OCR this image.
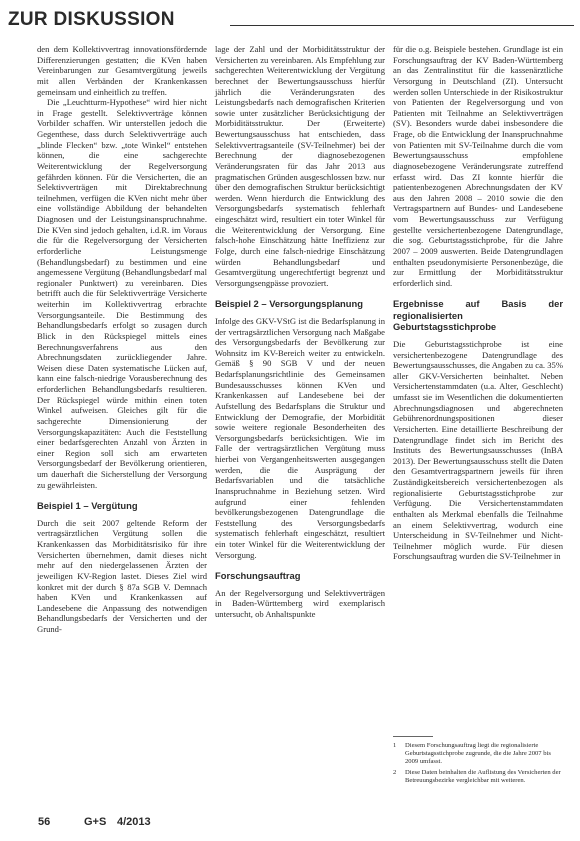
ZUR DISKUSSION

den dem Kollektivvertrag innovationsfördernde Differenzierungen gestatten; die KVen haben Vereinbarungen zur Gesamtvergütung jeweils mit allen Verbänden der Krankenkassen gemeinsam und einheitlich zu treffen.

Die „Leuchtturm-Hypothese“ wird hier nicht in Frage gestellt. Selektivverträge können Vorbilder schaffen. Wir unterstellen jedoch die Gegenthese, dass durch Selektivverträge auch „blinde Flecken“ bzw. „tote Winkel“ entstehen können, die eine sachgerechte Weiterentwicklung der Regelversorgung gefährden können. Für die Versicherten, die an Selektivverträgen mit Direktabrechnung teilnehmen, verfügen die KVen nicht mehr über eine vollständige Abbildung der behandelten Diagnosen und der Leistungsinanspruchnahme. Die KVen sind jedoch gehalten, i.d.R. im Voraus die für die Regelversorgung der Versicherten erforderliche Leistungsmenge (Behandlungsbedarf) zu bestimmen und eine angemessene Vergütung (Behandlungsbedarf mal regionaler Punktwert) zu vereinbaren. Dies betrifft auch die für Selektivverträge Versicherte weiterhin im Kollektivvertrag erbrachte Versorgungsanteile. Die Bestimmung des Behandlungsbedarfs erfolgt so zusagen durch Blick in den Rückspiegel mittels eines Berechnungsverfahrens aus den Abrechnungsdaten zurückliegender Jahre. Weisen diese Daten systematische Lücken auf, kann eine falsch-niedrige Vorausberechnung des erforderlichen Behandlungsbedarfs resultieren. Der Rückspiegel würde mithin einen toten Winkel aufweisen. Gleiches gilt für die sachgerechte Dimensionierung der Versorgungskapazitäten: Auch die Feststellung einer bedarfsgerechten Anzahl von Ärzten in einer Region soll sich am erwarteten Versorgungsbedarf der Bevölkerung orientieren, um dauerhaft die Sicherstellung der Versorgung zu gewährleisten.

Beispiel 1 – Vergütung

Durch die seit 2007 geltende Reform der vertragsärztlichen Vergütung sollen die Krankenkassen das Morbiditätsrisiko für ihre Versicherten übernehmen, damit dieses nicht mehr auf den niedergelassenen Ärzten der jeweiligen KV-Region lastet. Dieses Ziel wird konkret mit der durch § 87a SGB V. Demnach haben KVen und Krankenkassen auf Landesebene die Anpassung des notwendigen Behandlungsbedarfs der Versicherten und der Grund-

lage der Zahl und der Morbiditätsstruktur der Versicherten zu vereinbaren. Als Empfehlung zur sachgerechten Weiterentwicklung der Vergütung berechnet der Bewertungsausschuss hierfür jährlich die Veränderungsraten des Leistungsbedarfs nach demografischen Kriterien sowie unter zusätzlicher Berücksichtigung der Morbiditätsstruktur. Der (Erweiterte) Bewertungsausschuss hat entschieden, dass Selektivvertragsanteile (SV-Teilnehmer) bei der Berechnung der diagnosebezogenen Veränderungsraten für das Jahr 2013 aus pragmatischen Gründen ausgeschlossen bzw. nur über den demografischen Struktur berücksichtigt werden. Wenn hierdurch die Entwicklung des Versorgungsbedarfs systematisch fehlerhaft eingeschätzt wird, resultiert ein toter Winkel für die Weiterentwicklung der Versorgung. Eine falsch-hohe Einschätzung hätte Ineffizienz zur Folge, durch eine falsch-niedrige Einschätzung würden Behandlungsbedarf und Gesamtvergütung ungerechtfertigt begrenzt und Versorgungsengpässe provoziert.

Beispiel 2 – Versorgungsplanung

Infolge des GKV-VStG ist die Bedarfsplanung in der vertragsärztlichen Versorgung nach Maßgabe des Versorgungsbedarfs der Bevölkerung zur Wohnsitz im KV-Bereich weiter zu entwickeln. Gemäß § 90 SGB V und der neuen Bedarfsplanungsrichtlinie des Gemeinsamen Bundesausschusses können KVen und Krankenkassen auf Landesebene bei der Aufstellung des Bedarfsplans die Struktur und Entwicklung der Demografie, der Morbidität sowie weitere regionale Besonderheiten des Versorgungsbedarfs berücksichtigen. Wie im Falle der vertragsärztlichen Vergütung muss hierbei von Vergangenheitswerten ausgegangen werden, die die Ausprägung der Bedarfsvariablen und die tatsächliche Inanspruchnahme in Beziehung setzen. Wird aufgrund einer fehlenden bevölkerungsbezogenen Datengrundlage die Feststellung des Versorgungsbedarfs systematisch fehlerhaft eingeschätzt, resultiert ein toter Winkel für die Weiterentwicklung der Versorgung.

Forschungsauftrag

An der Regelversorgung und Selektivverträgen in Baden-Württemberg wird exemplarisch untersucht, ob Anhaltspunkte

für die o.g. Beispiele bestehen. Grundlage ist ein Forschungsauftrag der KV Baden-Württemberg an das Zentralinstitut für die kassenärztliche Versorgung in Deutschland (ZI). Untersucht werden sollen Unterschiede in der Risikostruktur von Patienten der Regelversorgung und von Patienten mit Teilnahme an Selektivverträgen (SV). Besonders wurde dabei insbesondere die Frage, ob die Entwicklung der Inanspruchnahme von Patienten mit SV-Teilnahme durch die vom Bewertungsausschuss empfohlene diagnosebezogene Veränderungsrate zutreffend erfasst wird. Das ZI konnte hierfür die patientenbezogenen Abrechnungsdaten der KV aus den Jahren 2008 – 2010 sowie die den Vertragspartnern auf Bundes- und Landesebene vom Bewertungsausschuss zur Verfügung gestellte versichertenbezogene Datengrundlage, die sog. Geburtstagsstichprobe, für die Jahre 2007 – 2009 auswerten. Beide Datengrundlagen enthalten pseudonymisierte Personenbezüge, die zur Ermittlung der Morbiditätsstruktur erforderlich sind.

Ergebnisse auf Basis der regionalisierten Geburtstagsstichprobe

Die Geburtstagsstichprobe ist eine versichertenbezogene Datengrundlage des Bewertungsausschusses, die Angaben zu ca. 35% aller GKV-Versicherten beinhaltet. Neben Versichertenstammdaten (u.a. Alter, Geschlecht) umfasst sie im Wesentlichen die dokumentierten Abrechnungsdiagnosen und abgerechneten Gebührenordnungspositionen dieser Versicherten. Eine detaillierte Beschreibung der Datengrundlage findet sich im Bericht des Instituts des Bewertungsausschusses (InBA 2013). Der Bewertungsausschuss stellt die Daten den Gesamtvertragspartnern jeweils für ihren Zuständigkeitsbereich versichertenbezogen als regionalisierte Geburtstagsstichprobe zur Verfügung. Die Versichertenstammdaten enthalten als Merkmal ebenfalls die Teilnahme an einem Selektivvertrag, wodurch eine Unterscheidung in SV-Teilnehmer und Nicht-Teilnehmer möglich wurde. Für diesen Forschungsauftrag wurden die SV-Teilnehmer in

1	Diesem Forschungsauftrag liegt die regionalisierte Geburtstagsstichprobe zugrunde, die die Jahre 2007 bis 2009 umfasst.
2	Diese Daten beinhalten die Auflistung des Versicherten der Betreuungsbezirke vergleichbar mit weiteren.
56	G+S 4/2013
